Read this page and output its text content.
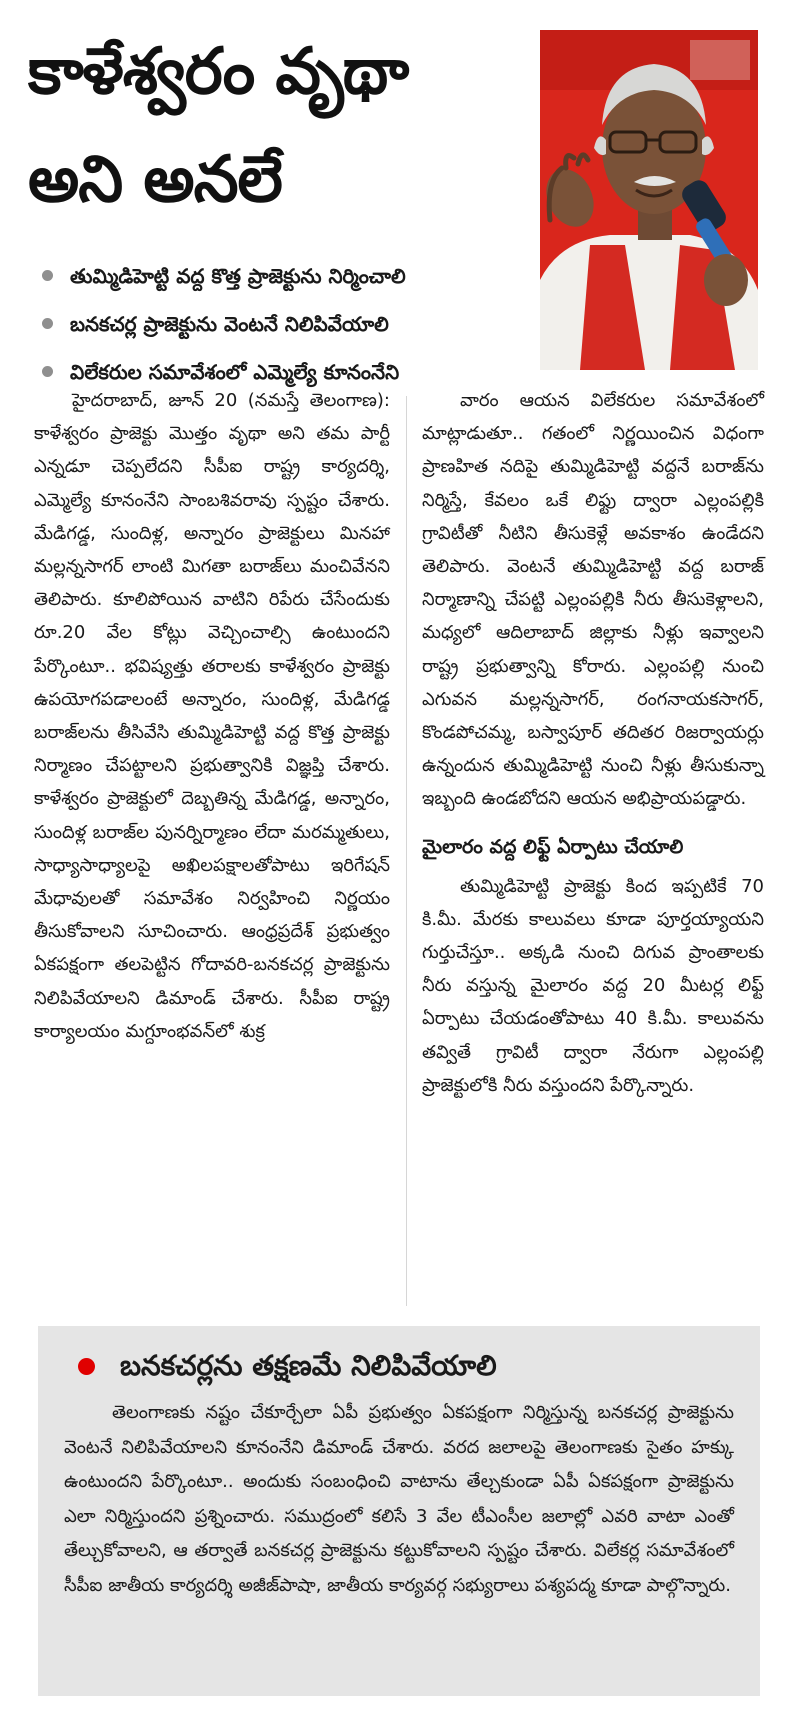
కాళేశ్వరం వృథా
అని అనలే
తుమ్మిడిహెట్టి వద్ద కొత్త ప్రాజెక్టును నిర్మించాలి
బనకచర్ల ప్రాజెక్టును వెంటనే నిలిపివేయాలి
విలేకరుల సమావేశంలో ఎమ్మెల్యే కూనంనేని

హైదరాబాద్, జూన్ 20 (నమస్తే తెలంగాణ): కాళేశ్వరం ప్రాజెక్టు మొత్తం వృథా అని తమ పార్టీ ఎన్నడూ చెప్పలేదని సీపీఐ రాష్ట్ర కార్యదర్శి, ఎమ్మెల్యే కూనంనేని సాంబశివరావు స్పష్టం చేశారు. మేడిగడ్డ, సుందిళ్ల, అన్నారం ప్రాజెక్టులు మినహా మల్లన్నసాగర్ లాంటి మిగతా బరాజ్‌లు మంచివేనని తెలిపారు. కూలిపోయిన వాటిని రిపేరు చేసేందుకు రూ.20 వేల కోట్లు వెచ్చించాల్సి ఉంటుందని పేర్కొంటూ.. భవిష్యత్తు తరాలకు కాళేశ్వరం ప్రాజెక్టు ఉపయోగపడాలంటే అన్నారం, సుందిళ్ల, మేడిగడ్డ బరాజ్‌లను తీసివేసి తుమ్మిడిహెట్టి వద్ద కొత్త ప్రాజెక్టు నిర్మాణం చేపట్టాలని ప్రభుత్వానికి విజ్ఞప్తి చేశారు. కాళేశ్వరం ప్రాజెక్టులో దెబ్బతిన్న మేడిగడ్డ, అన్నారం, సుందిళ్ల బరాజ్‌ల పునర్నిర్మాణం లేదా మరమ్మతులు, సాధ్యాసాధ్యాలపై అఖిలపక్షాలతోపాటు ఇరిగేషన్ మేధావులతో సమావేశం నిర్వహించి నిర్ణయం తీసుకోవాలని సూచించారు. ఆంధ్రప్రదేశ్ ప్రభుత్వం ఏకపక్షంగా తలపెట్టిన గోదావరి-బనకచర్ల ప్రాజెక్టును నిలిపివేయాలని డిమాండ్ చేశారు. సీపీఐ రాష్ట్ర కార్యాలయం మగ్దూంభవన్‌లో శుక్ర

వారం ఆయన విలేకరుల సమావేశంలో మాట్లాడుతూ.. గతంలో నిర్ణయించిన విధంగా ప్రాణహిత నదిపై తుమ్మిడిహెట్టి వద్దనే బరాజ్‌ను నిర్మిస్తే, కేవలం ఒకే లిఫ్టు ద్వారా ఎల్లంపల్లికి గ్రావిటీతో నీటిని తీసుకెళ్లే అవకాశం ఉండేదని తెలిపారు. వెంటనే తుమ్మిడిహెట్టి వద్ద బరాజ్ నిర్మాణాన్ని చేపట్టి ఎల్లంపల్లికి నీరు తీసుకెళ్లాలని, మధ్యలో ఆదిలాబాద్ జిల్లాకు నీళ్లు ఇవ్వాలని రాష్ట్ర ప్రభుత్వాన్ని కోరారు. ఎల్లంపల్లి నుంచి ఎగువన మల్లన్నసాగర్, రంగనాయకసాగర్, కొండపోచమ్మ, బస్వాపూర్ తదితర రిజర్వాయర్లు ఉన్నందున తుమ్మిడిహెట్టి నుంచి నీళ్లు తీసుకున్నా ఇబ్బంది ఉండబోదని ఆయన అభిప్రాయపడ్డారు.

మైలారం వద్ద లిఫ్ట్ ఏర్పాటు చేయాలి

తుమ్మిడిహెట్టి ప్రాజెక్టు కింద ఇప్పటికే 70 కి.మీ. మేరకు కాలువలు కూడా పూర్తయ్యాయని గుర్తుచేస్తూ.. అక్కడి నుంచి దిగువ ప్రాంతాలకు నీరు వస్తున్న మైలారం వద్ద 20 మీటర్ల లిఫ్ట్ ఏర్పాటు చేయడంతోపాటు 40 కి.మీ. కాలువను తవ్వితే గ్రావిటీ ద్వారా నేరుగా ఎల్లంపల్లి ప్రాజెక్టులోకి నీరు వస్తుందని పేర్కొన్నారు.

బనకచర్లను తక్షణమే నిలిపివేయాలి

తెలంగాణకు నష్టం చేకూర్చేలా ఏపీ ప్రభుత్వం ఏకపక్షంగా నిర్మిస్తున్న బనకచర్ల ప్రాజెక్టును వెంటనే నిలిపివేయాలని కూనంనేని డిమాండ్ చేశారు. వరద జలాలపై తెలంగాణకు సైతం హక్కు ఉంటుందని పేర్కొంటూ.. అందుకు సంబంధించి వాటాను తేల్చకుండా ఏపీ ఏకపక్షంగా ప్రాజెక్టును ఎలా నిర్మిస్తుందని ప్రశ్నించారు. సముద్రంలో కలిసే 3 వేల టీఎంసీల జలాల్లో ఎవరి వాటా ఎంతో తేల్చుకోవాలని, ఆ తర్వాతే బనకచర్ల ప్రాజెక్టును కట్టుకోవాలని స్పష్టం చేశారు. విలేకర్ల సమావేశంలో సీపీఐ జాతీయ కార్యదర్శి అజీజ్‌పాషా, జాతీయ కార్యవర్గ సభ్యురాలు పశ్యపద్మ కూడా పాల్గొన్నారు.
